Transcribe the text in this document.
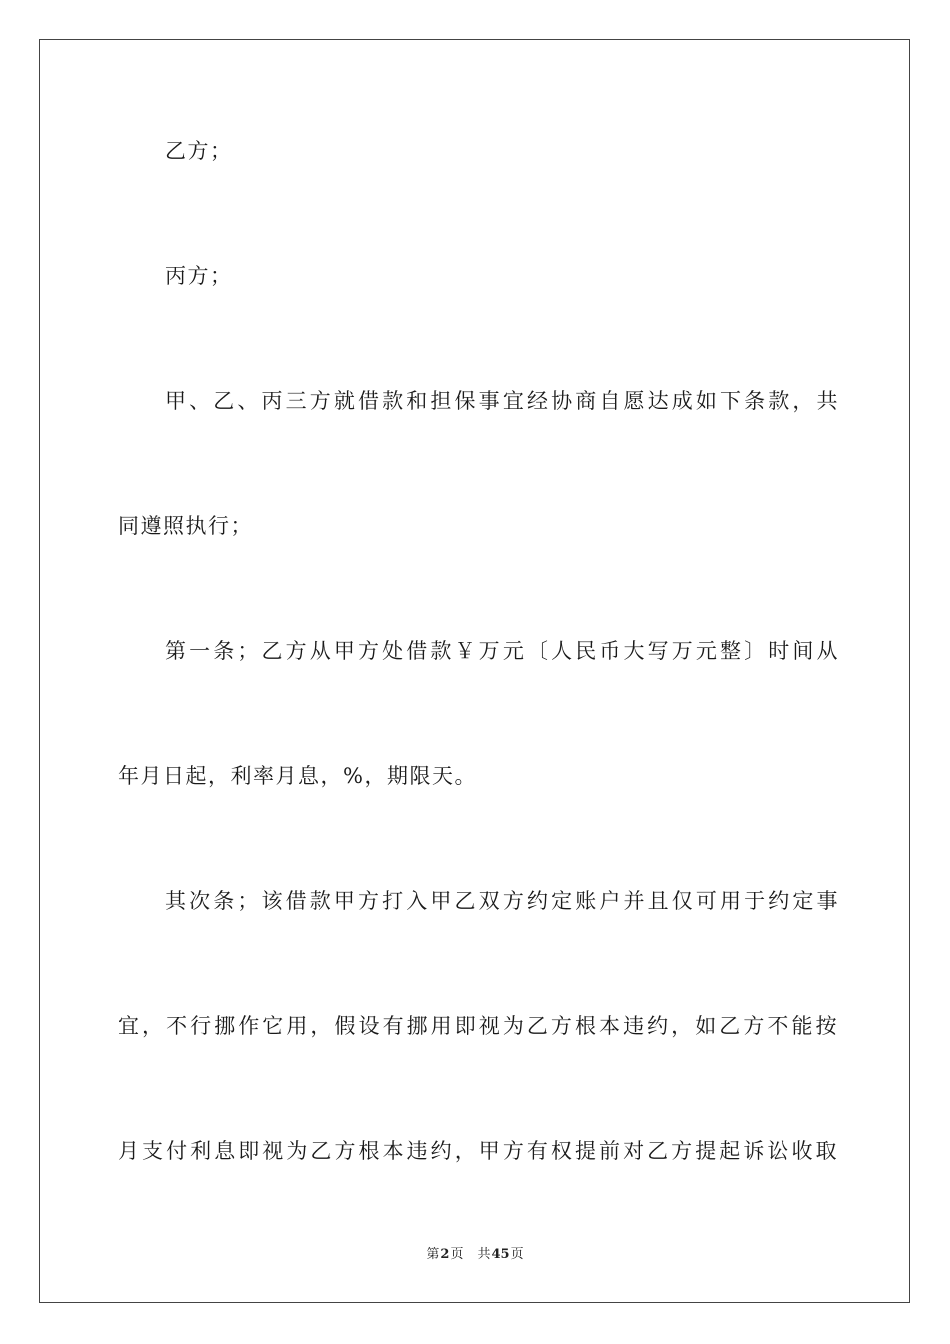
乙方；
丙方；
甲、乙、丙三方就借款和担保事宜经协商自愿达成如下条款，共
同遵照执行；
第一条；乙方从甲方处借款￥万元〔人民币大写万元整〕时间从
年月日起，利率月息，%，期限天。
其次条；该借款甲方打入甲乙双方约定账户并且仅可用于约定事
宜，不行挪作它用，假设有挪用即视为乙方根本违约，如乙方不能按
月支付利息即视为乙方根本违约，甲方有权提前对乙方提起诉讼收取
第2页 共45页
